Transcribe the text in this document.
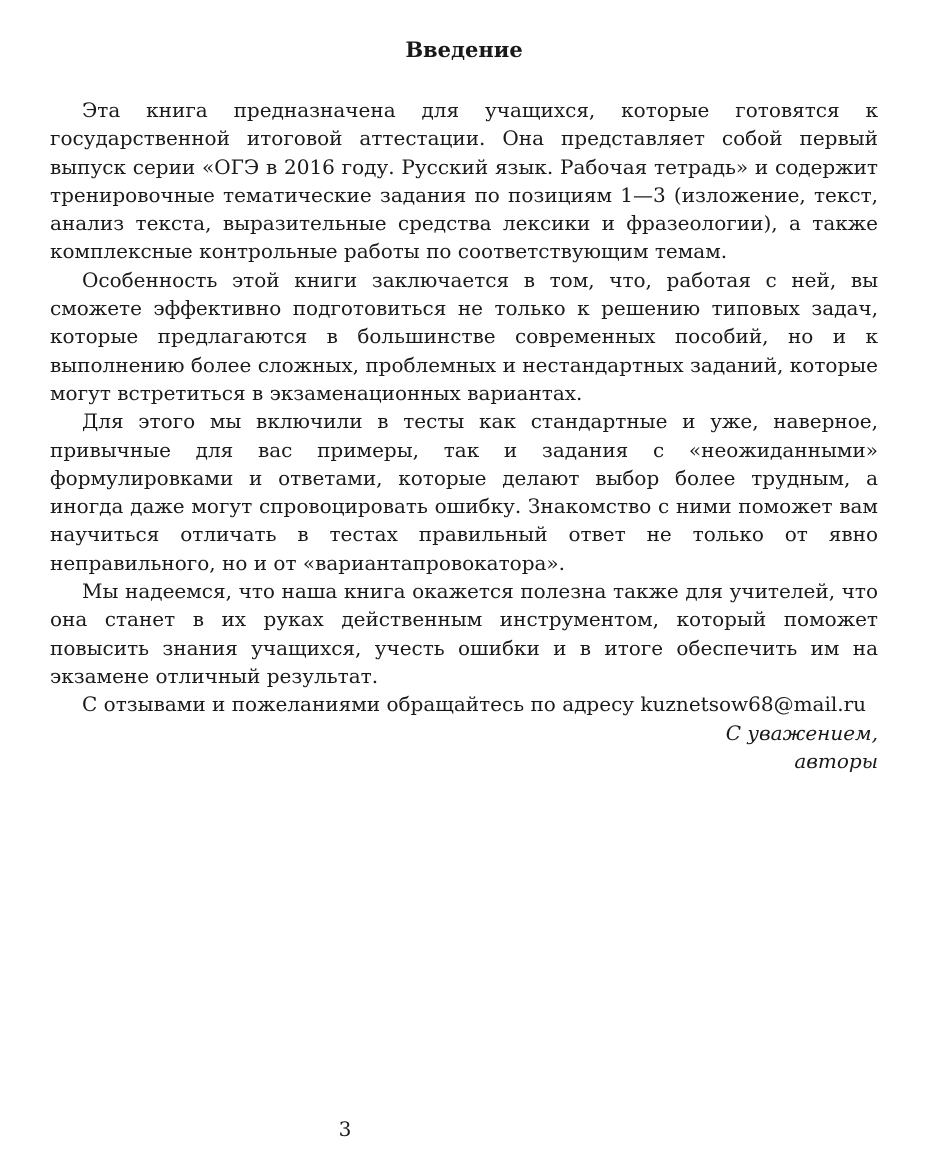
Введение

Эта книга предназначена для учащихся, которые готовятся к государственной итоговой аттестации. Она представляет собой первый выпуск серии «ОГЭ в 2016 году. Русский язык. Рабочая тетрадь» и содержит тренировочные тематические задания по позициям 1—3 (изложение, текст, анализ текста, выразительные средства лексики и фразеологии), а также комплексные контрольные работы по соответствующим темам.

Особенность этой книги заключается в том, что, работая с ней, вы сможете эффективно подготовиться не только к решению типовых задач, которые предлагаются в большинстве современных пособий, но и к выполнению более сложных, проблемных и нестандартных заданий, которые могут встретиться в экзаменационных вариантах.

Для этого мы включили в тесты как стандартные и уже, наверное, привычные для вас примеры, так и задания с «неожиданными» формулировками и ответами, которые делают выбор более трудным, а иногда даже могут спровоцировать ошибку. Знакомство с ними поможет вам научиться отличать в тестах правильный ответ не только от явно неправильного, но и от «вариантапровокатора».

Мы надеемся, что наша книга окажется полезна также для учителей, что она станет в их руках действенным инструментом, который поможет повысить знания учащихся, учесть ошибки и в итоге обеспечить им на экзамене отличный результат.

С отзывами и пожеланиями обращайтесь по адресу kuznetsow68@mail.ru

С уважением,
авторы
3
